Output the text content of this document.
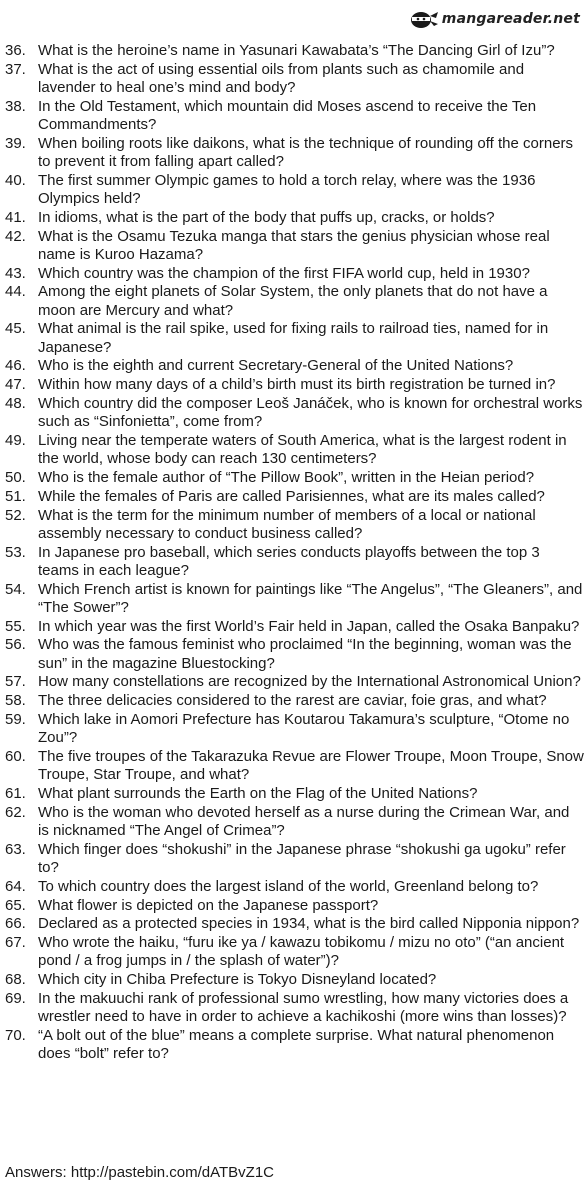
mangareader.net
36. What is the heroine’s name in Yasunari Kawabata’s “The Dancing Girl of Izu”?
37. What is the act of using essential oils from plants such as chamomile and lavender to heal one’s mind and body?
38. In the Old Testament, which mountain did Moses ascend to receive the Ten Commandments?
39. When boiling roots like daikons, what is the technique of rounding off the corners to prevent it from falling apart called?
40. The first summer Olympic games to hold a torch relay, where was the 1936 Olympics held?
41. In idioms, what is the part of the body that puffs up, cracks, or holds?
42. What is the Osamu Tezuka manga that stars the genius physician whose real name is Kuroo Hazama?
43. Which country was the champion of the first FIFA world cup, held in 1930?
44. Among the eight planets of Solar System, the only planets that do not have a moon are Mercury and what?
45. What animal is the rail spike, used for fixing rails to railroad ties, named for in Japanese?
46. Who is the eighth and current Secretary-General of the United Nations?
47. Within how many days of a child’s birth must its birth registration be turned in?
48. Which country did the composer Leoš Janáček, who is known for orchestral works such as “Sinfonietta”, come from?
49. Living near the temperate waters of South America, what is the largest rodent in the world, whose body can reach 130 centimeters?
50. Who is the female author of “The Pillow Book”, written in the Heian period?
51. While the females of Paris are called Parisiennes, what are its males called?
52. What is the term for the minimum number of members of a local or national assembly necessary to conduct business called?
53. In Japanese pro baseball, which series conducts playoffs between the top 3 teams in each league?
54. Which French artist is known for paintings like “The Angelus”, “The Gleaners”, and “The Sower”?
55. In which year was the first World’s Fair held in Japan, called the Osaka Banpaku?
56. Who was the famous feminist who proclaimed “In the beginning, woman was the sun” in the magazine Bluestocking?
57. How many constellations are recognized by the International Astronomical Union?
58. The three delicacies considered to the rarest are caviar, foie gras, and what?
59. Which lake in Aomori Prefecture has Koutarou Takamura’s sculpture, “Otome no Zou”?
60. The five troupes of the Takarazuka Revue are Flower Troupe, Moon Troupe, Snow Troupe, Star Troupe, and what?
61. What plant surrounds the Earth on the Flag of the United Nations?
62. Who is the woman who devoted herself as a nurse during the Crimean War, and is nicknamed “The Angel of Crimea”?
63. Which finger does “shokushi” in the Japanese phrase “shokushi ga ugoku” refer to?
64. To which country does the largest island of the world, Greenland belong to?
65. What flower is depicted on the Japanese passport?
66. Declared as a protected species in 1934, what is the bird called Nipponia nippon?
67. Who wrote the haiku, “furu ike ya / kawazu tobikomu / mizu no oto” (“an ancient pond / a frog jumps in / the splash of water”)?
68. Which city in Chiba Prefecture is Tokyo Disneyland located?
69. In the makuuchi rank of professional sumo wrestling, how many victories does a wrestler need to have in order to achieve a kachikoshi (more wins than losses)?
70. “A bolt out of the blue” means a complete surprise. What natural phenomenon does “bolt” refer to?
Answers: http://pastebin.com/dATBvZ1C
